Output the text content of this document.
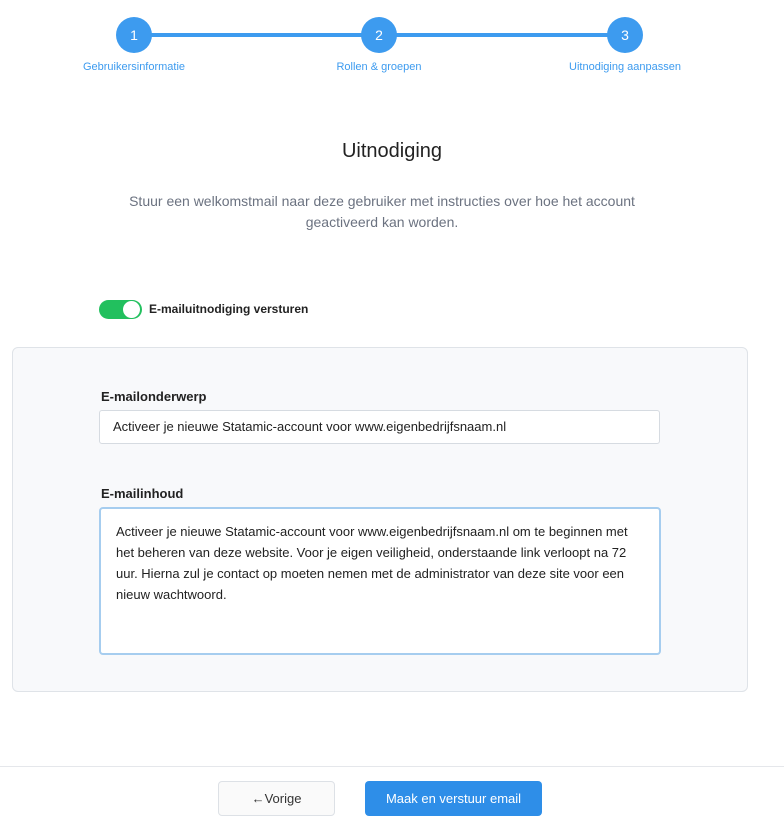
1	2	3
Gebruikersinformatie	Rollen & groepen	Uitnodiging aanpassen
Uitnodiging

Stuur een welkomstmail naar deze gebruiker met instructies over hoe het account geactiveerd kan worden.

E-mailuitnodiging versturen
E-mailonderwerp
Activeer je nieuwe Statamic-account voor www.eigenbedrijfsnaam.nl
E-mailinhoud
Activeer je nieuwe Statamic-account voor www.eigenbedrijfsnaam.nl om te beginnen met het beheren van deze website. Voor je eigen veiligheid, onderstaande link verloopt na 72 uur. Hierna zul je contact op moeten nemen met de administrator van deze site voor een nieuw wachtwoord.
←Vorige	Maak en verstuur email
